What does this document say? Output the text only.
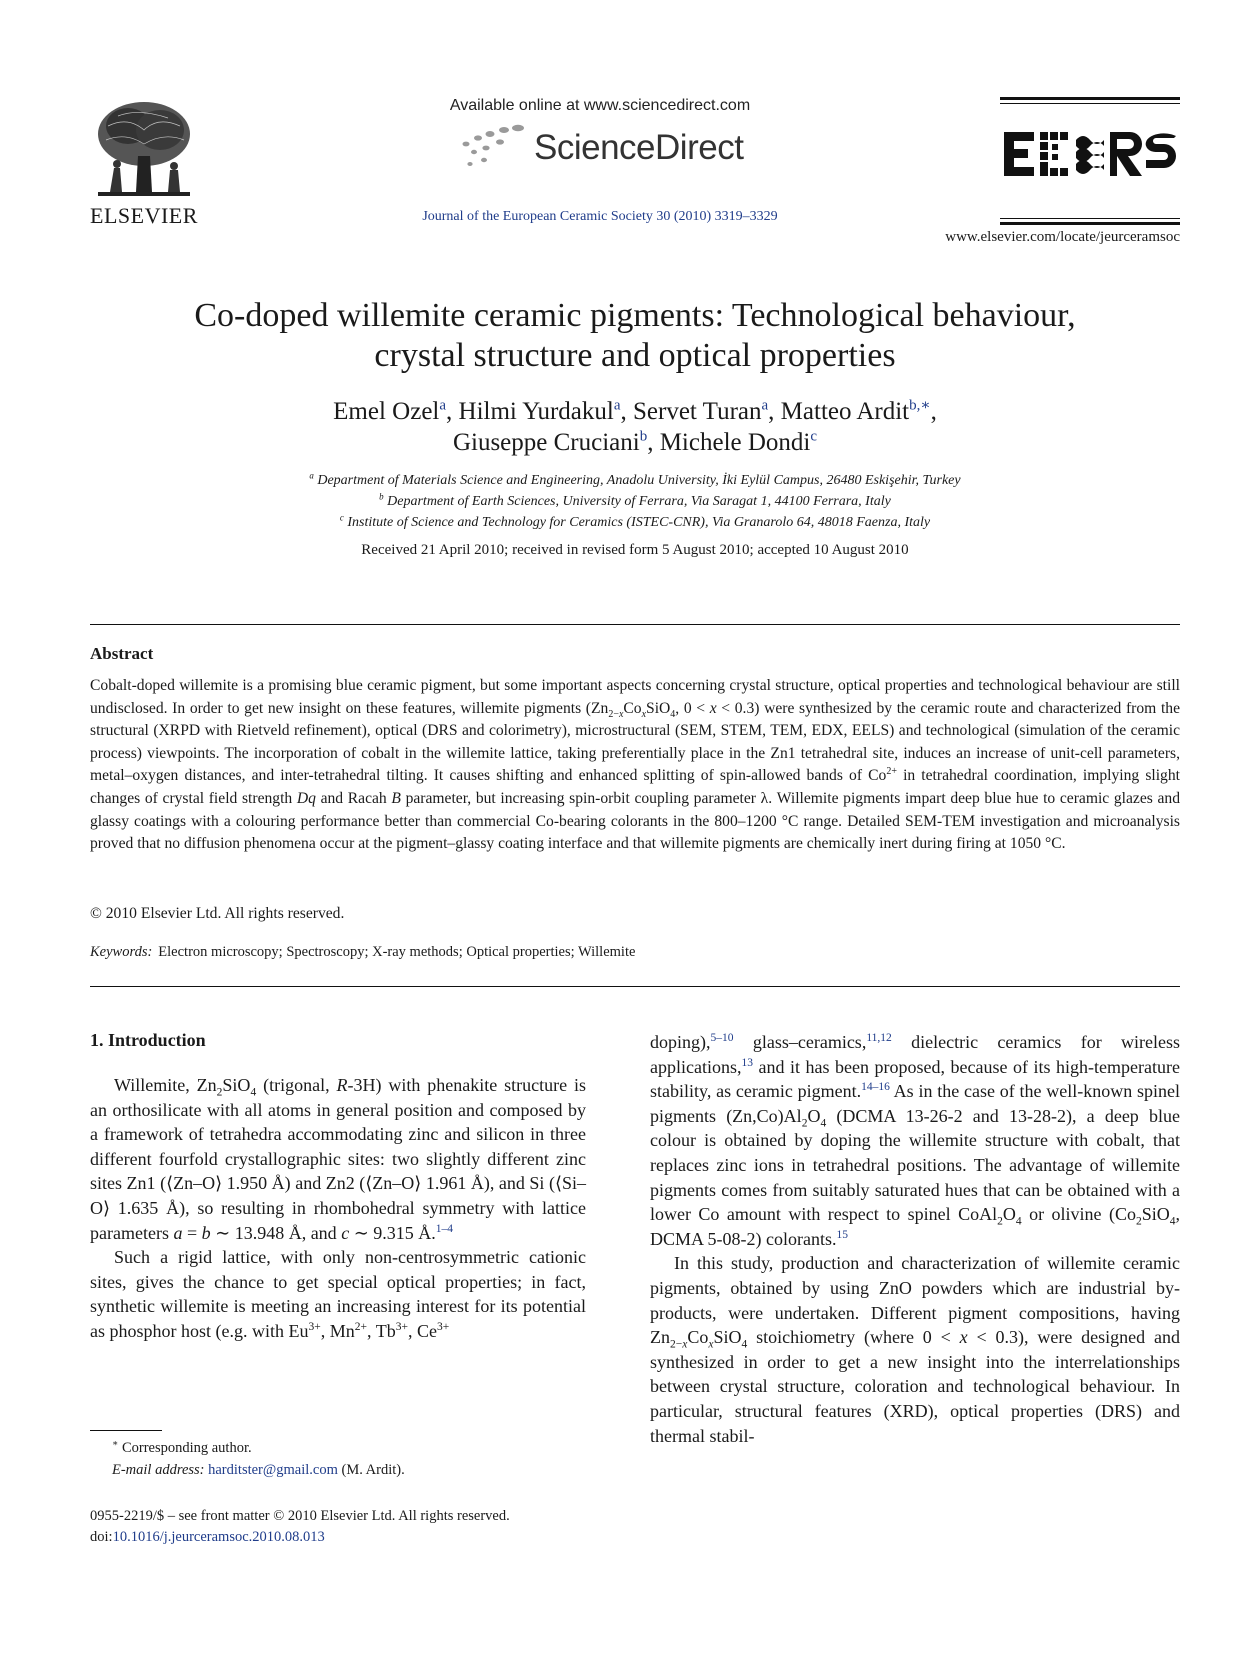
ELSEVIER
Available online at www.sciencedirect.com
ScienceDirect
Journal of the European Ceramic Society 30 (2010) 3319–3329
www.elsevier.com/locate/jeurceramsoc
Co-doped willemite ceramic pigments: Technological behaviour,
crystal structure and optical properties
Emel Ozel$^a$, Hilmi Yurdakul$^a$, Servet Turan$^a$, Matteo Ardit$^{b,∗}$,
Giuseppe Cruciani$^b$, Michele Dondi$^c$
$^a$ Department of Materials Science and Engineering, Anadolu University, İki Eylül Campus, 26480 Eskişehir, Turkey
$^b$ Department of Earth Sciences, University of Ferrara, Via Saragat 1, 44100 Ferrara, Italy
$^c$ Institute of Science and Technology for Ceramics (ISTEC-CNR), Via Granarolo 64, 48018 Faenza, Italy
Received 21 April 2010; received in revised form 5 August 2010; accepted 10 August 2010
Abstract
Cobalt-doped willemite is a promising blue ceramic pigment, but some important aspects concerning crystal structure, optical properties and technological behaviour are still undisclosed. In order to get new insight on these features, willemite pigments ($Zn_{2-x}Co_xSiO_4$, 0 < x < 0.3) were synthesized by the ceramic route and characterized from the structural (XRPD with Rietveld refinement), optical (DRS and colorimetry), microstructural (SEM, STEM, TEM, EDX, EELS) and technological (simulation of the ceramic process) viewpoints. The incorporation of cobalt in the willemite lattice, taking preferentially place in the Zn1 tetrahedral site, induces an increase of unit-cell parameters, metal–oxygen distances, and inter-tetrahedral tilting. It causes shifting and enhanced splitting of spin-allowed bands of $Co^{2+}$ in tetrahedral coordination, implying slight changes of crystal field strength Dq and Racah B parameter, but increasing spin-orbit coupling parameter λ. Willemite pigments impart deep blue hue to ceramic glazes and glassy coatings with a colouring performance better than commercial Co-bearing colorants in the 800–1200 °C range. Detailed SEM-TEM investigation and microanalysis proved that no diffusion phenomena occur at the pigment–glassy coating interface and that willemite pigments are chemically inert during firing at 1050 °C.
© 2010 Elsevier Ltd. All rights reserved.
Keywords: Electron microscopy; Spectroscopy; X-ray methods; Optical properties; Willemite
1. Introduction

Willemite, $Zn_2SiO_4$ (trigonal, R-3H) with phenakite structure is an orthosilicate with all atoms in general position and composed by a framework of tetrahedra accommodating zinc and silicon in three different fourfold crystallographic sites: two slightly different zinc sites Zn1 (⟨Zn–O⟩ 1.950 Å) and Zn2 (⟨Zn–O⟩ 1.961 Å), and Si (⟨Si–O⟩ 1.635 Å), so resulting in rhombohedral symmetry with lattice parameters a = b ∼ 13.948 Å, and c ∼ 9.315 Å.$^{1-4}$

Such a rigid lattice, with only non-centrosymmetric cationic sites, gives the chance to get special optical properties; in fact, synthetic willemite is meeting an increasing interest for its potential as phosphor host (e.g. with $Eu^{3+}$, $Mn^{2+}$, $Tb^{3+}$, $Ce^{3+}$

doping),$^{5-10}$ glass–ceramics,$^{11,12}$ dielectric ceramics for wireless applications,$^{13}$ and it has been proposed, because of its high-temperature stability, as ceramic pigment.$^{14-16}$ As in the case of the well-known spinel pigments $(Zn,Co)Al_2O_4$ (DCMA 13-26-2 and 13-28-2), a deep blue colour is obtained by doping the willemite structure with cobalt, that replaces zinc ions in tetrahedral positions. The advantage of willemite pigments comes from suitably saturated hues that can be obtained with a lower Co amount with respect to spinel $CoAl_2O_4$ or olivine ($Co_2SiO_4$, DCMA 5-08-2) colorants.$^{15}$

In this study, production and characterization of willemite ceramic pigments, obtained by using ZnO powders which are industrial by-products, were undertaken. Different pigment compositions, having $Zn_{2-x}Co_xSiO_4$ stoichiometry (where 0 < x < 0.3), were designed and synthesized in order to get a new insight into the interrelationships between crystal structure, coloration and technological behaviour. In particular, structural features (XRD), optical properties (DRS) and thermal stabil-

∗ Corresponding author.
E-mail address: harditster@gmail.com (M. Ardit).
0955-2219/$ – see front matter © 2010 Elsevier Ltd. All rights reserved.
doi:10.1016/j.jeurceramsoc.2010.08.013
